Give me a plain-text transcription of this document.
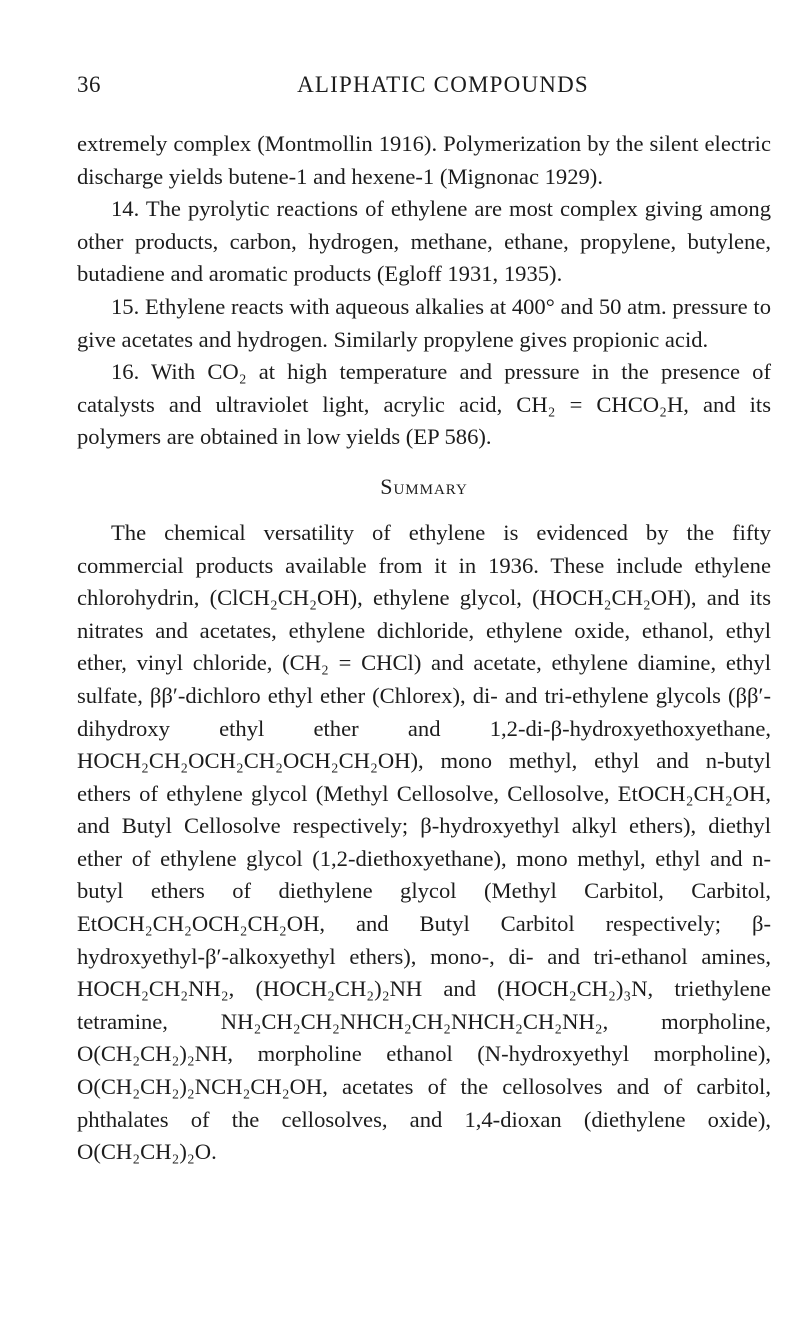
36	ALIPHATIC COMPOUNDS

extremely complex (Montmollin 1916). Polymerization by the silent electric discharge yields butene-1 and hexene-1 (Mignonac 1929).

14. The pyrolytic reactions of ethylene are most complex giving among other products, carbon, hydrogen, methane, ethane, propylene, butylene, butadiene and aromatic products (Egloff 1931, 1935).

15. Ethylene reacts with aqueous alkalies at 400° and 50 atm. pressure to give acetates and hydrogen. Similarly propylene gives propionic acid.

16. With CO₂ at high temperature and pressure in the presence of catalysts and ultraviolet light, acrylic acid, CH₂ = CHCO₂H, and its polymers are obtained in low yields (EP 586).

Summary

The chemical versatility of ethylene is evidenced by the fifty commercial products available from it in 1936. These include ethylene chlorohydrin, (ClCH₂CH₂OH), ethylene glycol, (HOCH₂CH₂OH), and its nitrates and acetates, ethylene dichloride, ethylene oxide, ethanol, ethyl ether, vinyl chloride, (CH₂ = CHCl) and acetate, ethylene diamine, ethyl sulfate, ββ′-dichloro ethyl ether (Chlorex), di- and tri-ethylene glycols (ββ′-dihydroxy ethyl ether and 1,2-di-β-hydroxyethoxyethane, HOCH₂CH₂OCH₂CH₂OCH₂CH₂OH), mono methyl, ethyl and n-butyl ethers of ethylene glycol (Methyl Cellosolve, Cellosolve, EtOCH₂CH₂OH, and Butyl Cellosolve respectively; β-hydroxyethyl alkyl ethers), diethyl ether of ethylene glycol (1,2-diethoxyethane), mono methyl, ethyl and n-butyl ethers of diethylene glycol (Methyl Carbitol, Carbitol, EtOCH₂CH₂OCH₂CH₂OH, and Butyl Carbitol respectively; β-hydroxyethyl-β′-alkoxyethyl ethers), mono-, di- and tri-ethanol amines, HOCH₂CH₂NH₂, (HOCH₂CH₂)₂NH and (HOCH₂CH₂)₃N, triethylene tetramine, NH₂CH₂CH₂NHCH₂CH₂NHCH₂CH₂NH₂, morpholine, O(CH₂CH₂)₂NH, morpholine ethanol (N-hydroxyethyl morpholine), O(CH₂CH₂)₂NCH₂CH₂OH, acetates of the cellosolves and of carbitol, phthalates of the cellosolves, and 1,4-dioxan (diethylene oxide), O(CH₂CH₂)₂O.
